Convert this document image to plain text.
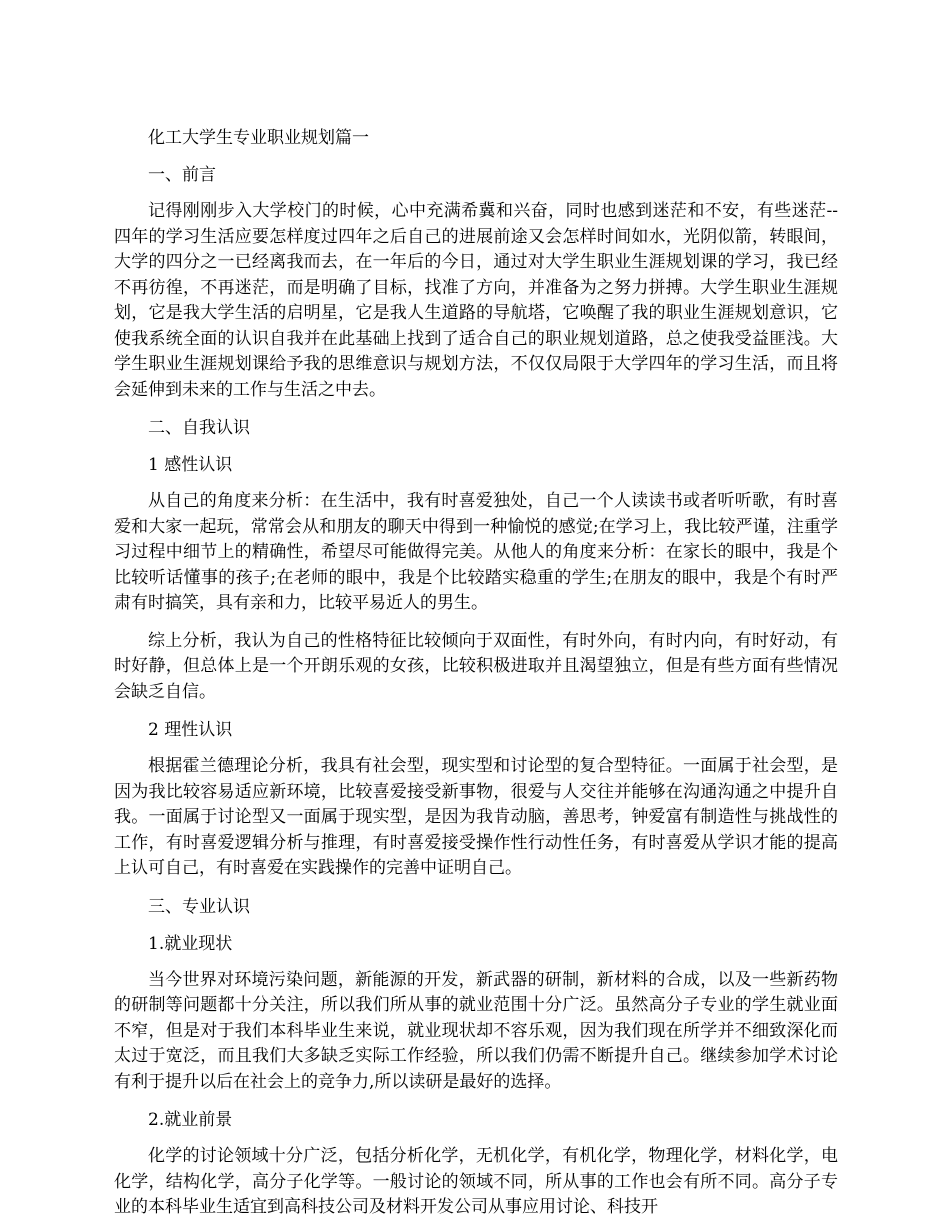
化工大学生专业职业规划篇一

一、前言

记得刚刚步入大学校门的时候，心中充满希冀和兴奋，同时也感到迷茫和不安，有些迷茫--四年的学习生活应要怎样度过四年之后自己的进展前途又会怎样时间如水，光阴似箭，转眼间，大学的四分之一已经离我而去，在一年后的今日，通过对大学生职业生涯规划课的学习，我已经不再彷徨，不再迷茫，而是明确了目标，找准了方向，并准备为之努力拼搏。大学生职业生涯规划，它是我大学生活的启明星，它是我人生道路的导航塔，它唤醒了我的职业生涯规划意识，它使我系统全面的认识自我并在此基础上找到了适合自己的职业规划道路，总之使我受益匪浅。大学生职业生涯规划课给予我的思维意识与规划方法，不仅仅局限于大学四年的学习生活，而且将会延伸到未来的工作与生活之中去。

二、自我认识

1 感性认识

从自己的角度来分析：在生活中，我有时喜爱独处，自己一个人读读书或者听听歌，有时喜爱和大家一起玩，常常会从和朋友的聊天中得到一种愉悦的感觉;在学习上，我比较严谨，注重学习过程中细节上的精确性，希望尽可能做得完美。从他人的角度来分析：在家长的眼中，我是个比较听话懂事的孩子;在老师的眼中，我是个比较踏实稳重的学生;在朋友的眼中，我是个有时严肃有时搞笑，具有亲和力，比较平易近人的男生。

综上分析，我认为自己的性格特征比较倾向于双面性，有时外向，有时内向，有时好动，有时好静，但总体上是一个开朗乐观的女孩，比较积极进取并且渴望独立，但是有些方面有些情况会缺乏自信。

2 理性认识

根据霍兰德理论分析，我具有社会型，现实型和讨论型的复合型特征。一面属于社会型，是因为我比较容易适应新环境，比较喜爱接受新事物，很爱与人交往并能够在沟通沟通之中提升自我。一面属于讨论型又一面属于现实型，是因为我肯动脑，善思考，钟爱富有制造性与挑战性的工作，有时喜爱逻辑分析与推理，有时喜爱接受操作性行动性任务，有时喜爱从学识才能的提高上认可自己，有时喜爱在实践操作的完善中证明自己。

三、专业认识

1.就业现状

当今世界对环境污染问题，新能源的开发，新武器的研制，新材料的合成，以及一些新药物的研制等问题都十分关注，所以我们所从事的就业范围十分广泛。虽然高分子专业的学生就业面不窄，但是对于我们本科毕业生来说，就业现状却不容乐观，因为我们现在所学并不细致深化而太过于宽泛，而且我们大多缺乏实际工作经验，所以我们仍需不断提升自己。继续参加学术讨论有利于提升以后在社会上的竞争力,所以读研是最好的选择。

2.就业前景

化学的讨论领域十分广泛，包括分析化学，无机化学，有机化学，物理化学，材料化学，电化学，结构化学，高分子化学等。一般讨论的领域不同，所从事的工作也会有所不同。高分子专业的本科毕业生适宜到高科技公司及材料开发公司从事应用讨论、科技开
